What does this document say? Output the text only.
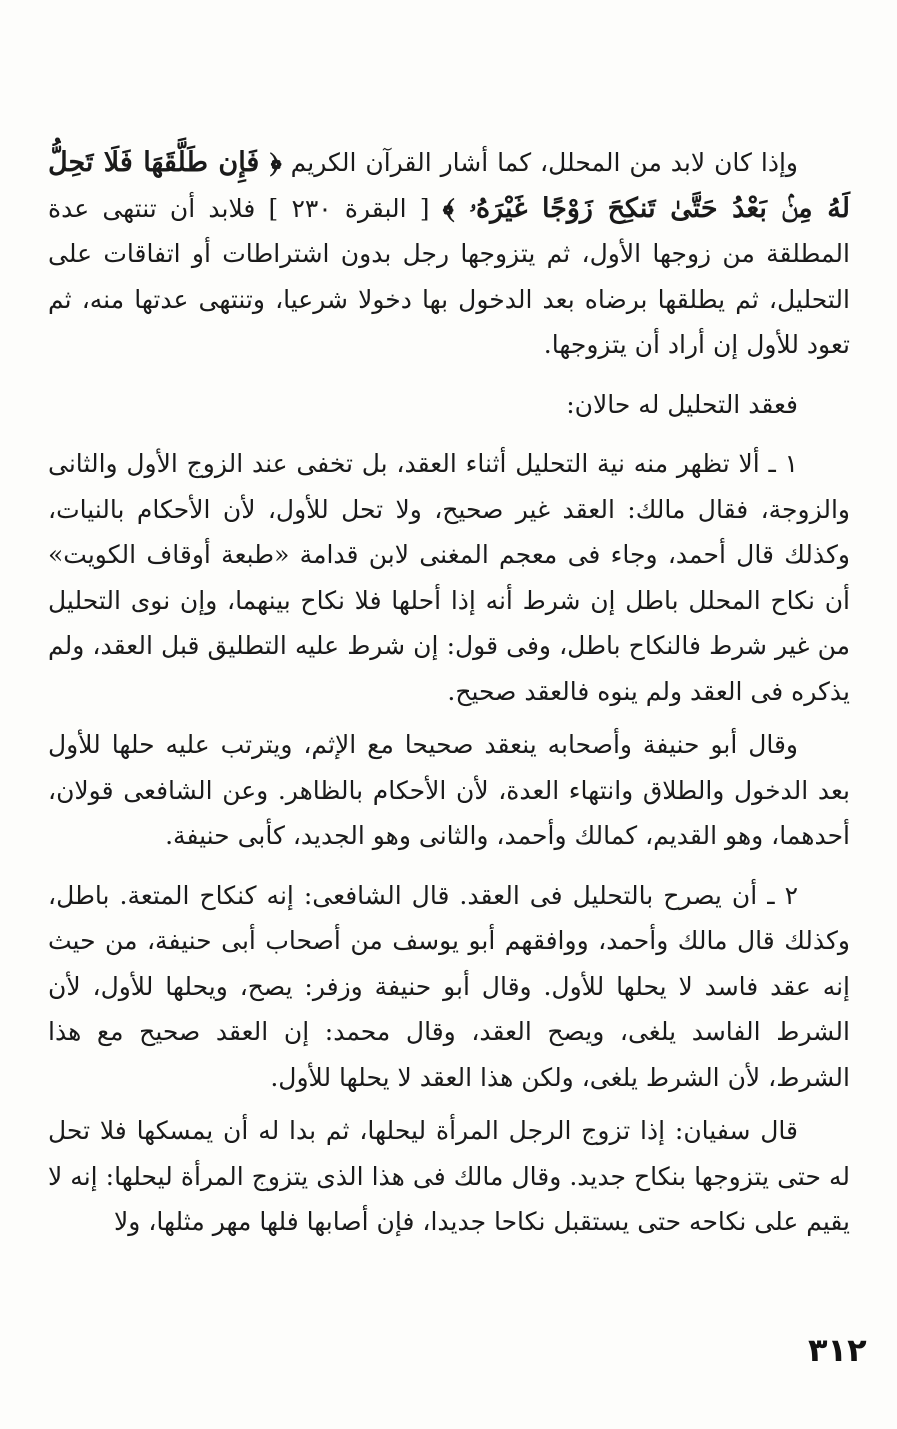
وإذا كان لابد من المحلل، كما أشار القرآن الكريم ﴿ فَإِن طَلَّقَهَا فَلَا تَحِلُّ لَهُ مِنۢ بَعْدُ حَتَّىٰ تَنكِحَ زَوْجًا غَيْرَهُۥ ﴾ [ البقرة ٢٣٠ ] فلابد أن تنتهى عدة المطلقة من زوجها الأول، ثم يتزوجها رجل بدون اشتراطات أو اتفاقات على التحليل، ثم يطلقها برضاه بعد الدخول بها دخولا شرعيا، وتنتهى عدتها منه، ثم تعود للأول إن أراد أن يتزوجها.

فعقد التحليل له حالان:

١ ـ ألا تظهر منه نية التحليل أثناء العقد، بل تخفى عند الزوج الأول والثانى والزوجة، فقال مالك: العقد غير صحيح، ولا تحل للأول، لأن الأحكام بالنيات، وكذلك قال أحمد، وجاء فى معجم المغنى لابن قدامة «طبعة أوقاف الكويت» أن نكاح المحلل باطل إن شرط أنه إذا أحلها فلا نكاح بينهما، وإن نوى التحليل من غير شرط فالنكاح باطل، وفى قول: إن شرط عليه التطليق قبل العقد، ولم يذكره فى العقد ولم ينوه فالعقد صحيح.

وقال أبو حنيفة وأصحابه ينعقد صحيحا مع الإثم، ويترتب عليه حلها للأول بعد الدخول والطلاق وانتهاء العدة، لأن الأحكام بالظاهر. وعن الشافعى قولان، أحدهما، وهو القديم، كمالك وأحمد، والثانى وهو الجديد، كأبى حنيفة.

٢ ـ أن يصرح بالتحليل فى العقد. قال الشافعى: إنه كنكاح المتعة. باطل، وكذلك قال مالك وأحمد، ووافقهم أبو يوسف من أصحاب أبى حنيفة، من حيث إنه عقد فاسد لا يحلها للأول. وقال أبو حنيفة وزفر: يصح، ويحلها للأول، لأن الشرط الفاسد يلغى، ويصح العقد، وقال محمد: إن العقد صحيح مع هذا الشرط، لأن الشرط يلغى، ولكن هذا العقد لا يحلها للأول.

قال سفيان: إذا تزوج الرجل المرأة ليحلها، ثم بدا له أن يمسكها فلا تحل له حتى يتزوجها بنكاح جديد. وقال مالك فى هذا الذى يتزوج المرأة ليحلها: إنه لا يقيم على نكاحه حتى يستقبل نكاحا جديدا، فإن أصابها فلها مهر مثلها، ولا

٣١٢
